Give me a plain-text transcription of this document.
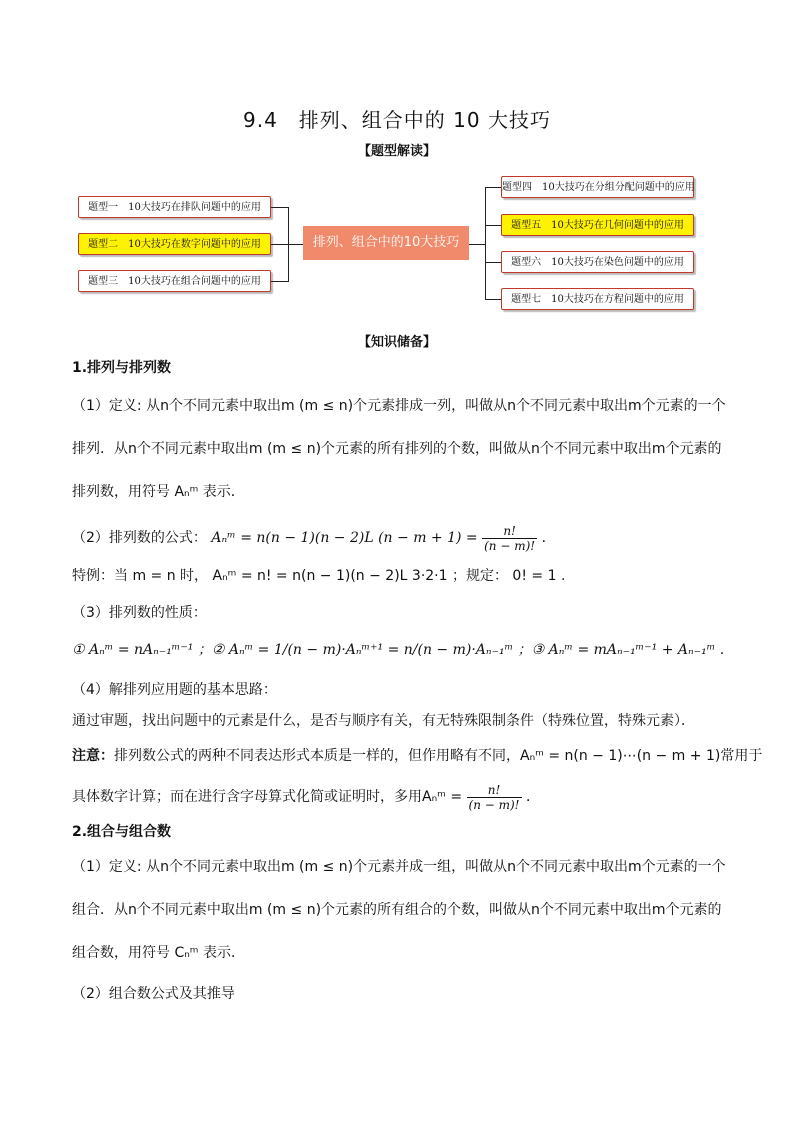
9.4　排列、组合中的 10 大技巧
【题型解读】
题型一　10大技巧在排队问题中的应用
题型二　10大技巧在数字问题中的应用
题型三　10大技巧在组合问题中的应用
排列、组合中的10大技巧
题型四　10大技巧在分组分配问题中的应用
题型五　10大技巧在几何问题中的应用
题型六　10大技巧在染色问题中的应用
题型七　10大技巧在方程问题中的应用
【知识储备】
1.排列与排列数
（1）定义: 从n个不同元素中取出m (m ≤ n)个元素排成一列，叫做从n个不同元素中取出m个元素的一个
排列．从n个不同元素中取出m (m ≤ n)个元素的所有排列的个数，叫做从n个不同元素中取出m个元素的
排列数，用符号 Aₙᵐ 表示．
（2）排列数的公式： Aₙᵐ = n(n − 1)(n − 2)L $(n - m + 1) = \frac{n!}{(n - m)!}$ ．
特例：当 m = n 时， Aₙᵐ = n! = n(n − 1)(n − 2)L 3·2·1 ；规定： 0! = 1 .
（3）排列数的性质：
① Aₙᵐ = nAₙ₋₁ᵐ⁻¹ ；② Aₙᵐ = 1/(n − m)·Aₙᵐ⁺¹ = n/(n − m)·Aₙ₋₁ᵐ ；③ Aₙᵐ = mAₙ₋₁ᵐ⁻¹ + Aₙ₋₁ᵐ .
（4）解排列应用题的基本思路：
通过审题，找出问题中的元素是什么，是否与顺序有关，有无特殊限制条件（特殊位置，特殊元素）．
注意：排列数公式的两种不同表达形式本质是一样的，但作用略有不同，Aₙᵐ = n(n − 1)⋯(n − m + 1)常用于
具体数字计算；而在进行含字母算式化简或证明时，多用Aₙᵐ = $\frac{n!}{(n - m)!}$ ．
2.组合与组合数
（1）定义: 从n个不同元素中取出m (m ≤ n)个元素并成一组，叫做从n个不同元素中取出m个元素的一个
组合．从n个不同元素中取出m (m ≤ n)个元素的所有组合的个数，叫做从n个不同元素中取出m个元素的
组合数，用符号 Cₙᵐ 表示．
（2）组合数公式及其推导
